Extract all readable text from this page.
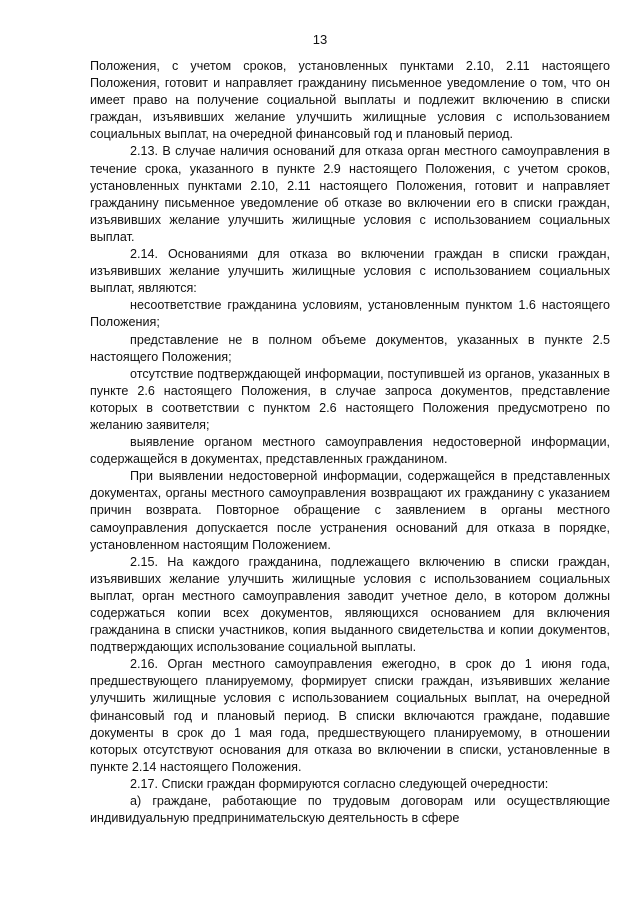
13

Положения, с учетом сроков, установленных пунктами 2.10, 2.11 настоящего Положения, готовит и направляет гражданину письменное уведомление о том, что он имеет право на получение социальной выплаты и подлежит включению в списки граждан, изъявивших желание улучшить жилищные условия с использованием социальных выплат, на очередной финансовый год и плановый период.

2.13. В случае наличия оснований для отказа орган местного самоуправления в течение срока, указанного в пункте 2.9 настоящего Положения, с учетом сроков, установленных пунктами 2.10, 2.11 настоящего Положения, готовит и направляет гражданину письменное уведомление об отказе во включении его в списки граждан, изъявивших желание улучшить жилищные условия с использованием социальных выплат.

2.14. Основаниями для отказа во включении граждан в списки граждан, изъявивших желание улучшить жилищные условия с использованием социальных выплат, являются:

несоответствие гражданина условиям, установленным пунктом 1.6 настоящего Положения;

представление не в полном объеме документов, указанных в пункте 2.5 настоящего Положения;

отсутствие подтверждающей информации, поступившей из органов, указанных в пункте 2.6 настоящего Положения, в случае запроса документов, представление которых в соответствии с пунктом 2.6 настоящего Положения предусмотрено по желанию заявителя;

выявление органом местного самоуправления недостоверной информации, содержащейся в документах, представленных гражданином.

При выявлении недостоверной информации, содержащейся в представленных документах, органы местного самоуправления возвращают их гражданину с указанием причин возврата. Повторное обращение с заявлением в органы местного самоуправления допускается после устранения оснований для отказа в порядке, установленном настоящим Положением.

2.15. На каждого гражданина, подлежащего включению в списки граждан, изъявивших желание улучшить жилищные условия с использованием социальных выплат, орган местного самоуправления заводит учетное дело, в котором должны содержаться копии всех документов, являющихся основанием для включения гражданина в списки участников, копия выданного свидетельства и копии документов, подтверждающих использование социальной выплаты.

2.16. Орган местного самоуправления ежегодно, в срок до 1 июня года, предшествующего планируемому, формирует списки граждан, изъявивших желание улучшить жилищные условия с использованием социальных выплат, на очередной финансовый год и плановый период. В списки включаются граждане, подавшие документы в срок до 1 мая года, предшествующего планируемому, в отношении которых отсутствуют основания для отказа во включении в списки, установленные в пункте 2.14 настоящего Положения.

2.17. Списки граждан формируются согласно следующей очередности:

а) граждане, работающие по трудовым договорам или осуществляющие индивидуальную предпринимательскую деятельность в сфере
